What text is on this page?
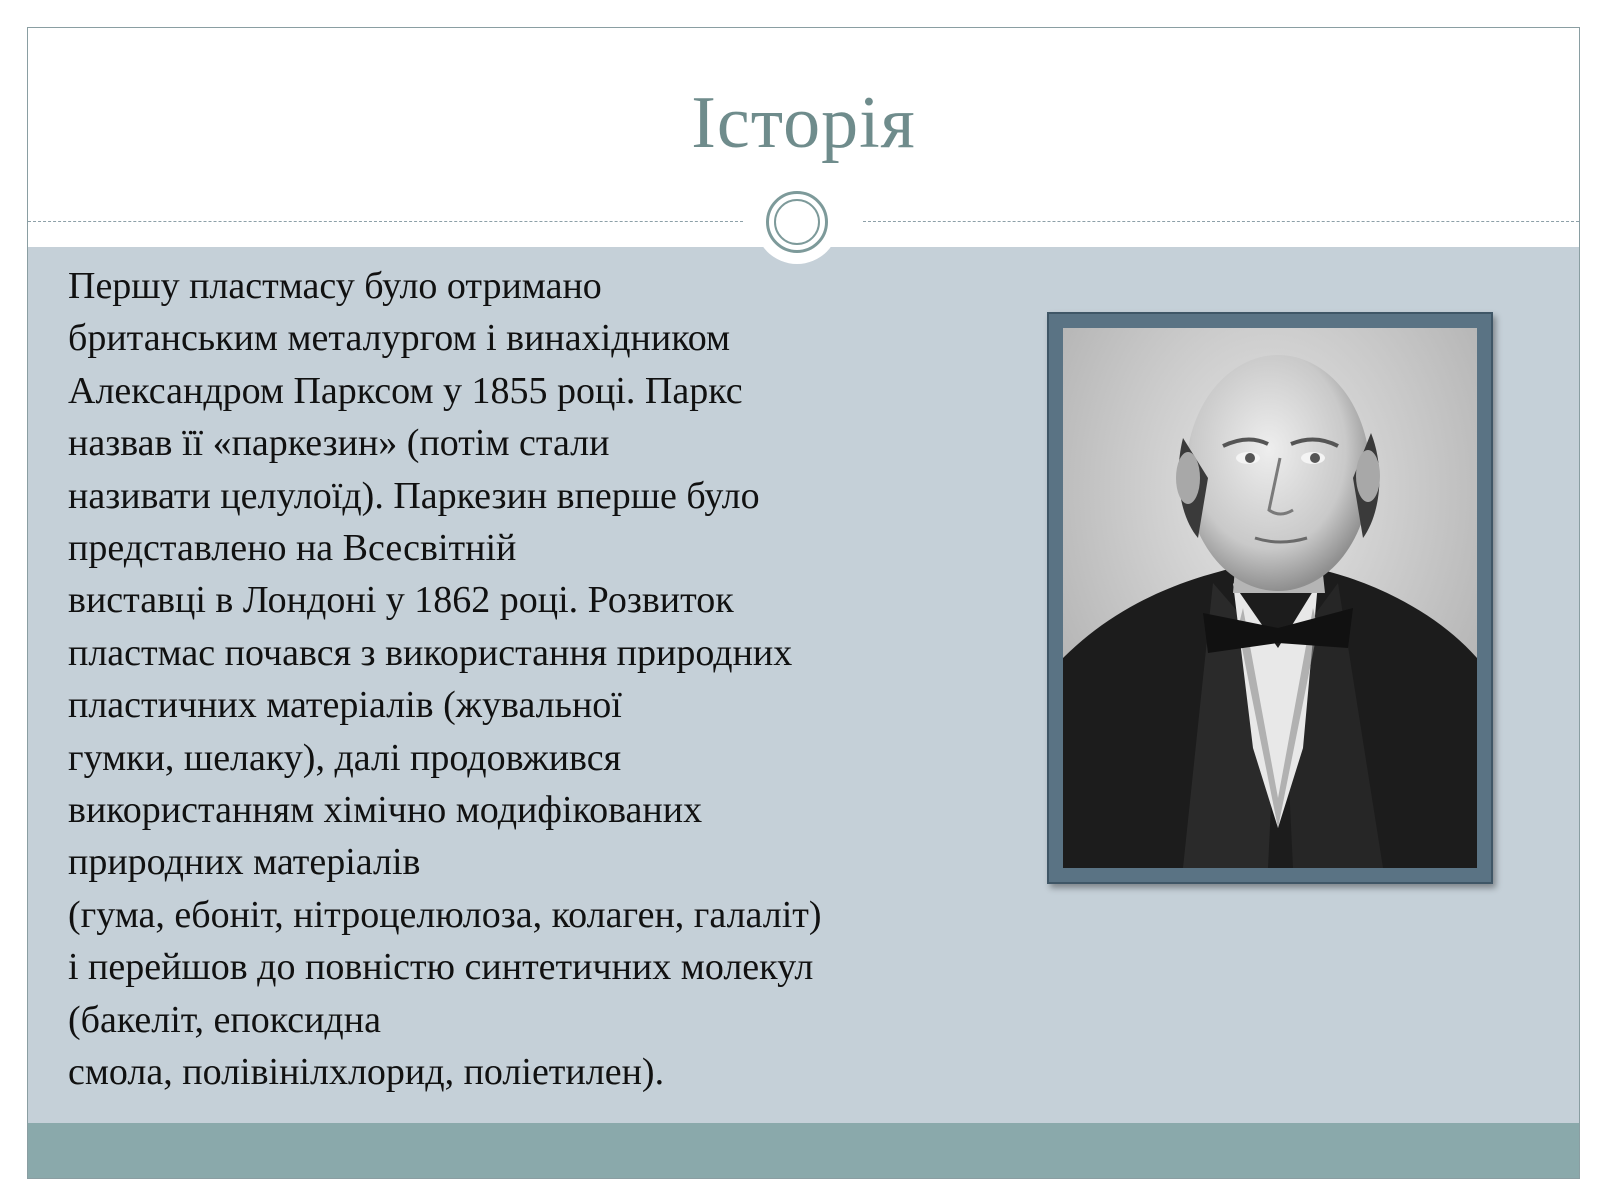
Історія

Першу пластмасу було отримано
британським металургом і винахідником
Александром Парксом у 1855 році. Паркс
назвав її «паркезин» (потім стали
називати целулоїд). Паркезин вперше було
представлено на Всесвітній
виставці в Лондоні у 1862 році. Розвиток
пластмас почався з використання природних
пластичних матеріалів (жувальної
гумки, шелаку), далі продовжився
використанням хімічно модифікованих
природних матеріалів
(гума, ебоніт, нітроцелюлоза, колаген, галаліт)
і перейшов до повністю синтетичних молекул
(бакеліт, епоксидна
смола, полівінілхлорид, поліетилен).
